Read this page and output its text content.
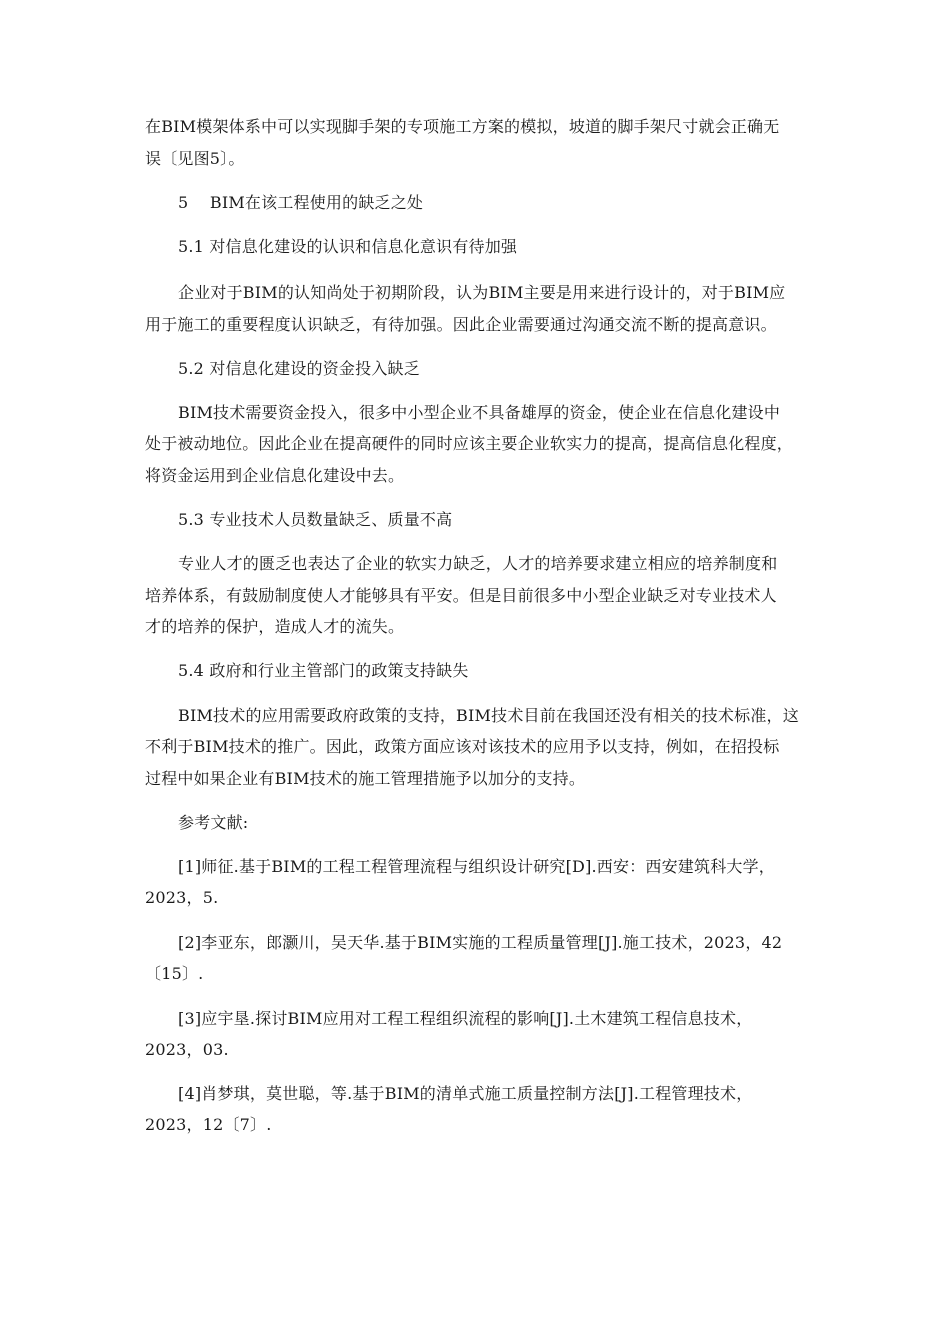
在BIM模架体系中可以实现脚手架的专项施工方案的模拟，坡道的脚手架尺寸就会正确无
误〔见图5〕。
5　 BIM在该工程使用的缺乏之处
5.1 对信息化建设的认识和信息化意识有待加强
企业对于BIM的认知尚处于初期阶段，认为BIM主要是用来进行设计的，对于BIM应
用于施工的重要程度认识缺乏，有待加强。因此企业需要通过沟通交流不断的提高意识。
5.2 对信息化建设的资金投入缺乏
BIM技术需要资金投入，很多中小型企业不具备雄厚的资金，使企业在信息化建设中
处于被动地位。因此企业在提高硬件的同时应该主要企业软实力的提高，提高信息化程度，
将资金运用到企业信息化建设中去。
5.3 专业技术人员数量缺乏、质量不高
专业人才的匮乏也表达了企业的软实力缺乏，人才的培养要求建立相应的培养制度和
培养体系，有鼓励制度使人才能够具有平安。但是目前很多中小型企业缺乏对专业技术人
才的培养的保护，造成人才的流失。
5.4 政府和行业主管部门的政策支持缺失
BIM技术的应用需要政府政策的支持，BIM技术目前在我国还没有相关的技术标准，这
不利于BIM技术的推广。因此，政策方面应该对该技术的应用予以支持，例如，在招投标
过程中如果企业有BIM技术的施工管理措施予以加分的支持。
参考文献:
[1]师征.基于BIM的工程工程管理流程与组织设计研究[D].西安：西安建筑科大学，
2023，5.
[2]李亚东，郎灏川，吴天华.基于BIM实施的工程质量管理[J].施工技术，2023，42
〔15〕.
[3]应宇垦.探讨BIM应用对工程工程组织流程的影响[J].土木建筑工程信息技术，
2023，03.
[4]肖梦琪，莫世聪，等.基于BIM的清单式施工质量控制方法[J].工程管理技术，
2023，12〔7〕.
